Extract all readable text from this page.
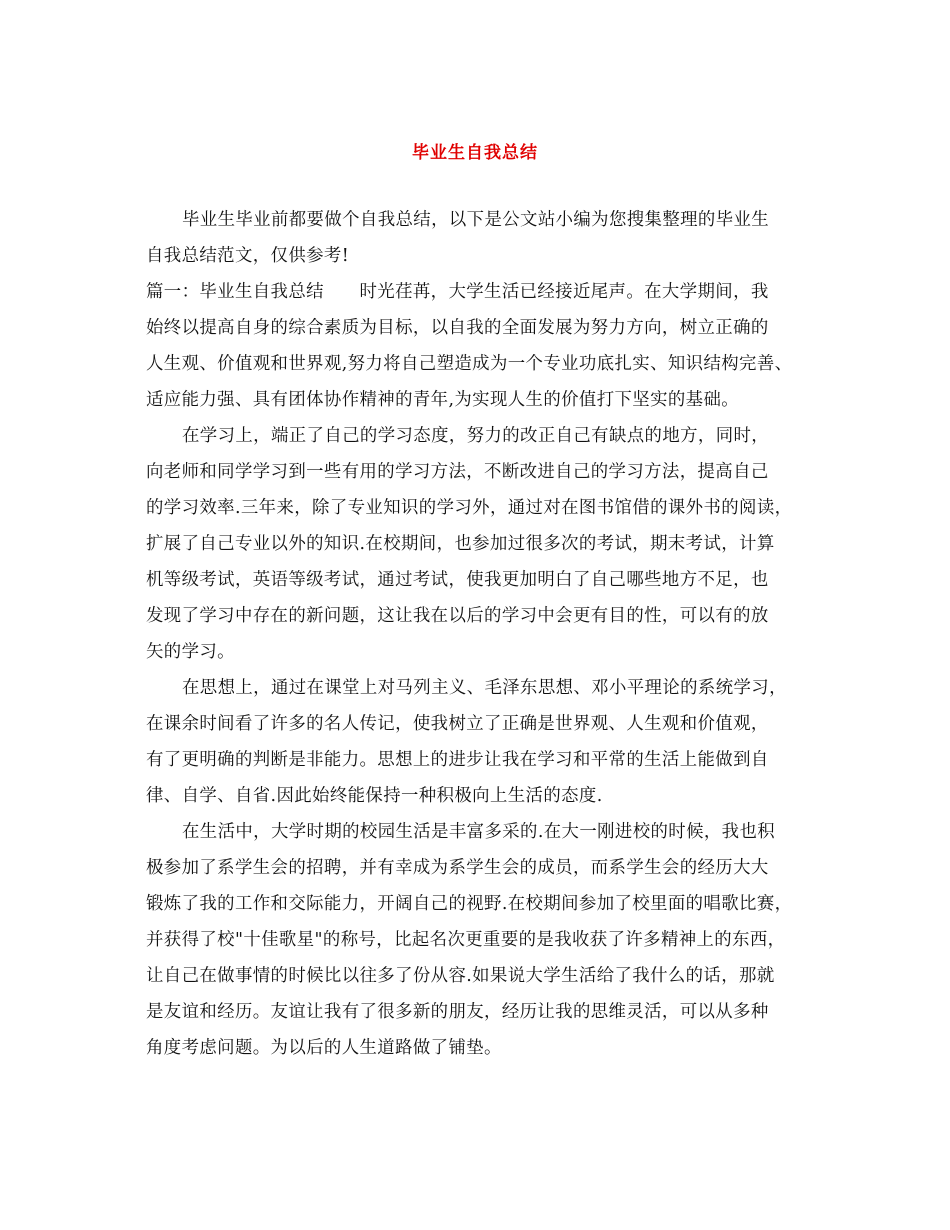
毕业生自我总结
毕业生毕业前都要做个自我总结，以下是公文站小编为您搜集整理的毕业生
自我总结范文，仅供参考!
篇一：毕业生自我总结　　时光荏苒，大学生活已经接近尾声。在大学期间，我
始终以提高自身的综合素质为目标，以自我的全面发展为努力方向，树立正确的
人生观、价值观和世界观,努力将自己塑造成为一个专业功底扎实、知识结构完善、
适应能力强、具有团体协作精神的青年,为实现人生的价值打下坚实的基础。
在学习上，端正了自己的学习态度，努力的改正自己有缺点的地方，同时，
向老师和同学学习到一些有用的学习方法，不断改进自己的学习方法，提高自己
的学习效率.三年来，除了专业知识的学习外，通过对在图书馆借的课外书的阅读，
扩展了自己专业以外的知识.在校期间，也参加过很多次的考试，期末考试，计算
机等级考试，英语等级考试，通过考试，使我更加明白了自己哪些地方不足，也
发现了学习中存在的新问题，这让我在以后的学习中会更有目的性，可以有的放
矢的学习。
在思想上，通过在课堂上对马列主义、毛泽东思想、邓小平理论的系统学习，
在课余时间看了许多的名人传记，使我树立了正确是世界观、人生观和价值观，
有了更明确的判断是非能力。思想上的进步让我在学习和平常的生活上能做到自
律、自学、自省.因此始终能保持一种积极向上生活的态度.
在生活中，大学时期的校园生活是丰富多采的.在大一刚进校的时候，我也积
极参加了系学生会的招聘，并有幸成为系学生会的成员，而系学生会的经历大大
锻炼了我的工作和交际能力，开阔自己的视野.在校期间参加了校里面的唱歌比赛，
并获得了校"十佳歌星"的称号，比起名次更重要的是我收获了许多精神上的东西，
让自己在做事情的时候比以往多了份从容.如果说大学生活给了我什么的话，那就
是友谊和经历。友谊让我有了很多新的朋友，经历让我的思维灵活，可以从多种
角度考虑问题。为以后的人生道路做了铺垫。
